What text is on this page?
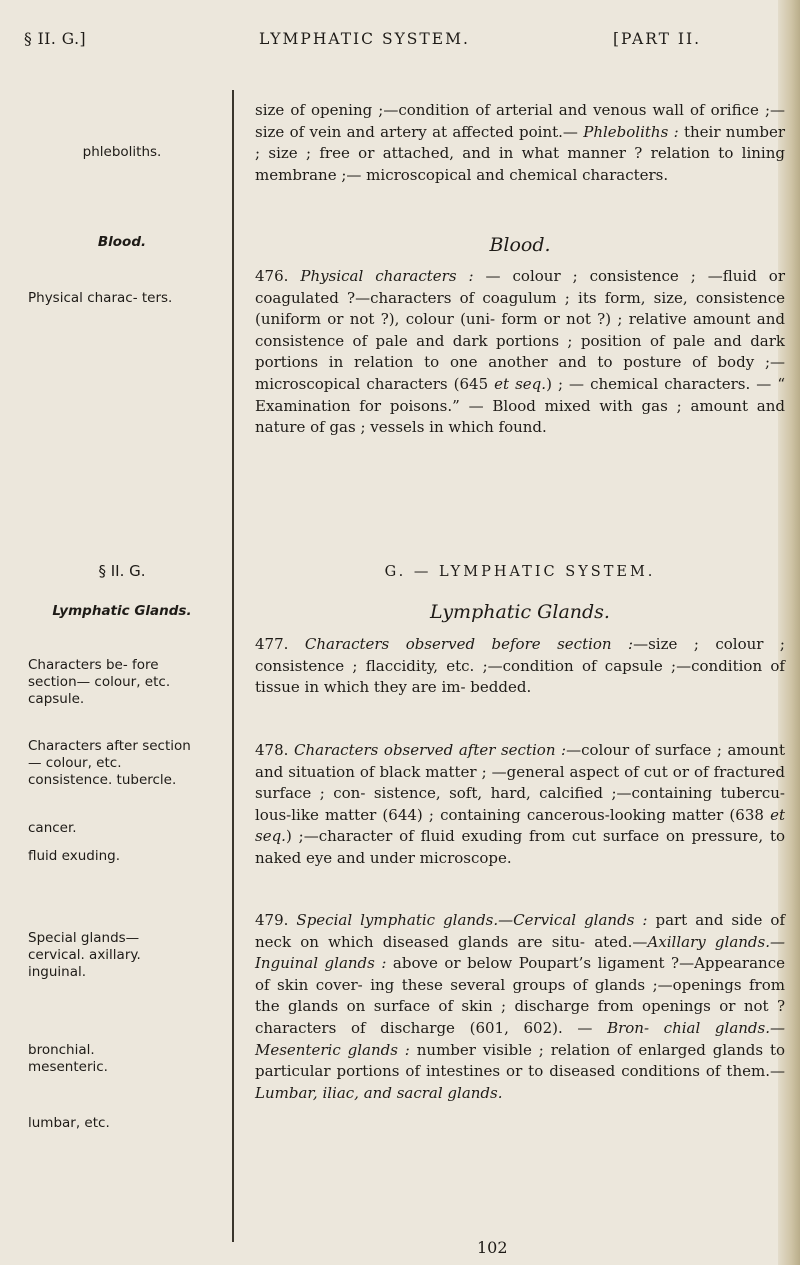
§ II. G.]	LYMPHATIC SYSTEM.	[PART II.
phleboliths.
Blood.
Physical charac- ters.
§ II. G.
Lymphatic Glands.
Characters be- fore section— colour, etc. capsule.
Characters after section— colour, etc. consistence. tubercle.
cancer.
fluid exuding.
Special glands— cervical. axillary. inguinal.
bronchial. mesenteric.
lumbar, etc.
size of opening ;—condition of arterial and venous wall of orifice ;—size of vein and artery at affected point.— Phleboliths : their number ; size ; free or attached, and in what manner ? relation to lining membrane ;— microscopical and chemical characters.
Blood.
476. Physical characters : — colour ; consistence ; —fluid or coagulated ?—characters of coagulum ; its form, size, consistence (uniform or not ?), colour (uni- form or not ?) ; relative amount and consistence of pale and dark portions ; position of pale and dark portions in relation to one another and to posture of body ;— microscopical characters (645 et seq.) ; — chemical characters. — “ Examination for poisons.” — Blood mixed with gas ; amount and nature of gas ; vessels in which found.
G. — LYMPHATIC SYSTEM.
Lymphatic Glands.
477. Characters observed before section :—size ; colour ; consistence ; flaccidity, etc. ;—condition of capsule ;—condition of tissue in which they are im- bedded.
478. Characters observed after section :—colour of surface ; amount and situation of black matter ; —general aspect of cut or of fractured surface ; con- sistence, soft, hard, calcified ;—containing tubercu- lous-like matter (644) ; containing cancerous-looking matter (638 et seq.) ;—character of fluid exuding from cut surface on pressure, to naked eye and under microscope.
479. Special lymphatic glands.—Cervical glands : part and side of neck on which diseased glands are situ- ated.—Axillary glands.—Inguinal glands : above or below Poupart’s ligament ?—Appearance of skin cover- ing these several groups of glands ;—openings from the glands on surface of skin ; discharge from openings or not ? characters of discharge (601, 602). — Bron- chial glands.—Mesenteric glands : number visible ; relation of enlarged glands to particular portions of intestines or to diseased conditions of them.—Lumbar, iliac, and sacral glands.
102
